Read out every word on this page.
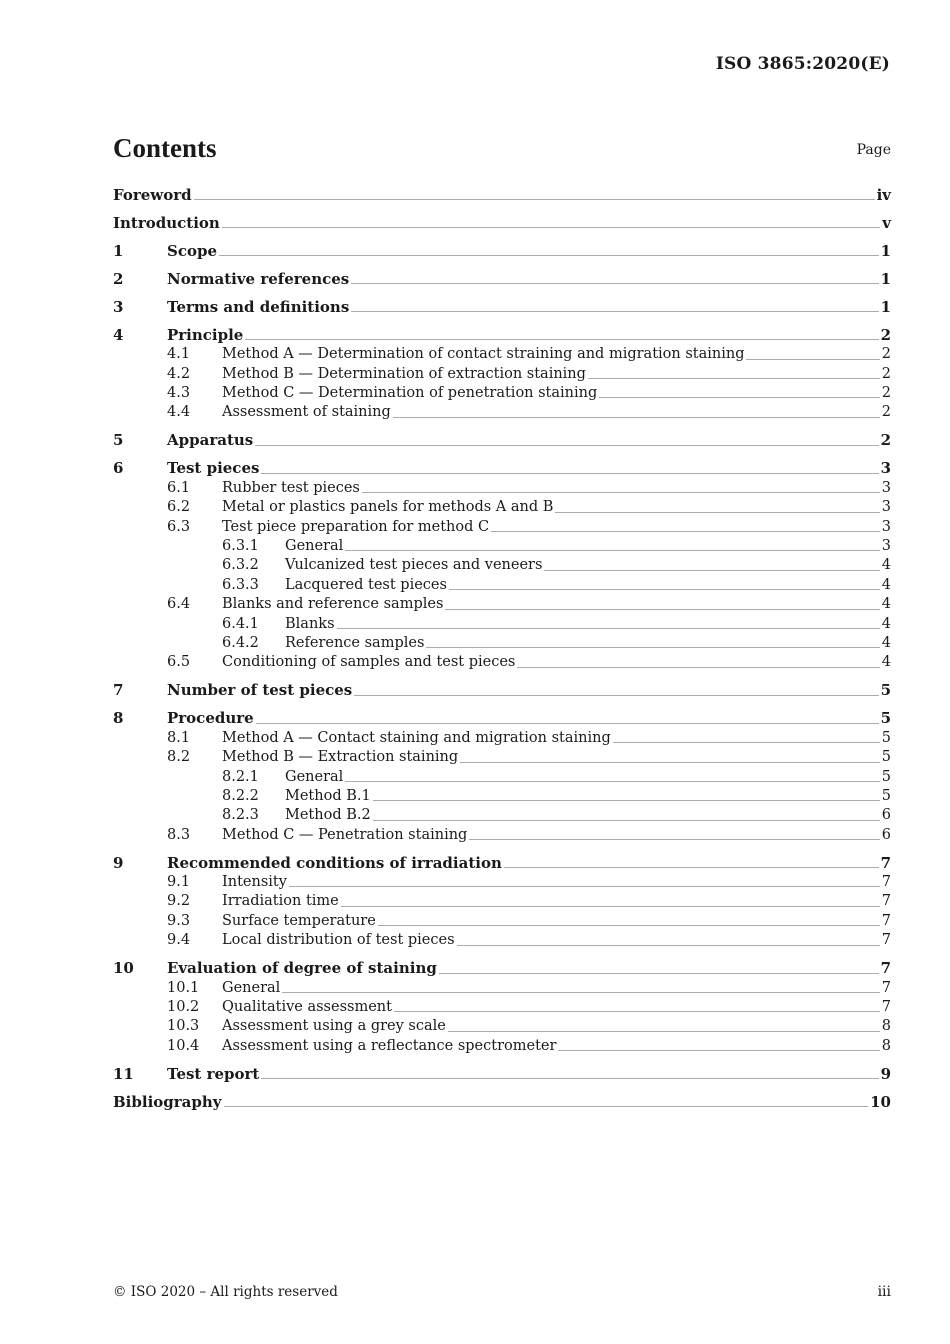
ISO 3865:2020(E)
Contents	Page
Foreword	iv
Introduction	v
1	Scope	1
2	Normative references	1
3	Terms and definitions	1
4	Principle	2
4.1	Method A — Determination of contact straining and migration staining	2
4.2	Method B — Determination of extraction staining	2
4.3	Method C — Determination of penetration staining	2
4.4	Assessment of staining	2
5	Apparatus	2
6	Test pieces	3
6.1	Rubber test pieces	3
6.2	Metal or plastics panels for methods A and B	3
6.3	Test piece preparation for method C	3
6.3.1	General	3
6.3.2	Vulcanized test pieces and veneers	4
6.3.3	Lacquered test pieces	4
6.4	Blanks and reference samples	4
6.4.1	Blanks	4
6.4.2	Reference samples	4
6.5	Conditioning of samples and test pieces	4
7	Number of test pieces	5
8	Procedure	5
8.1	Method A — Contact staining and migration staining	5
8.2	Method B — Extraction staining	5
8.2.1	General	5
8.2.2	Method B.1	5
8.2.3	Method B.2	6
8.3	Method C — Penetration staining	6
9	Recommended conditions of irradiation	7
9.1	Intensity	7
9.2	Irradiation time	7
9.3	Surface temperature	7
9.4	Local distribution of test pieces	7
10	Evaluation of degree of staining	7
10.1	General	7
10.2	Qualitative assessment	7
10.3	Assessment using a grey scale	8
10.4	Assessment using a reflectance spectrometer	8
11	Test report	9
Bibliography	10
© ISO 2020 – All rights reserved	iii
